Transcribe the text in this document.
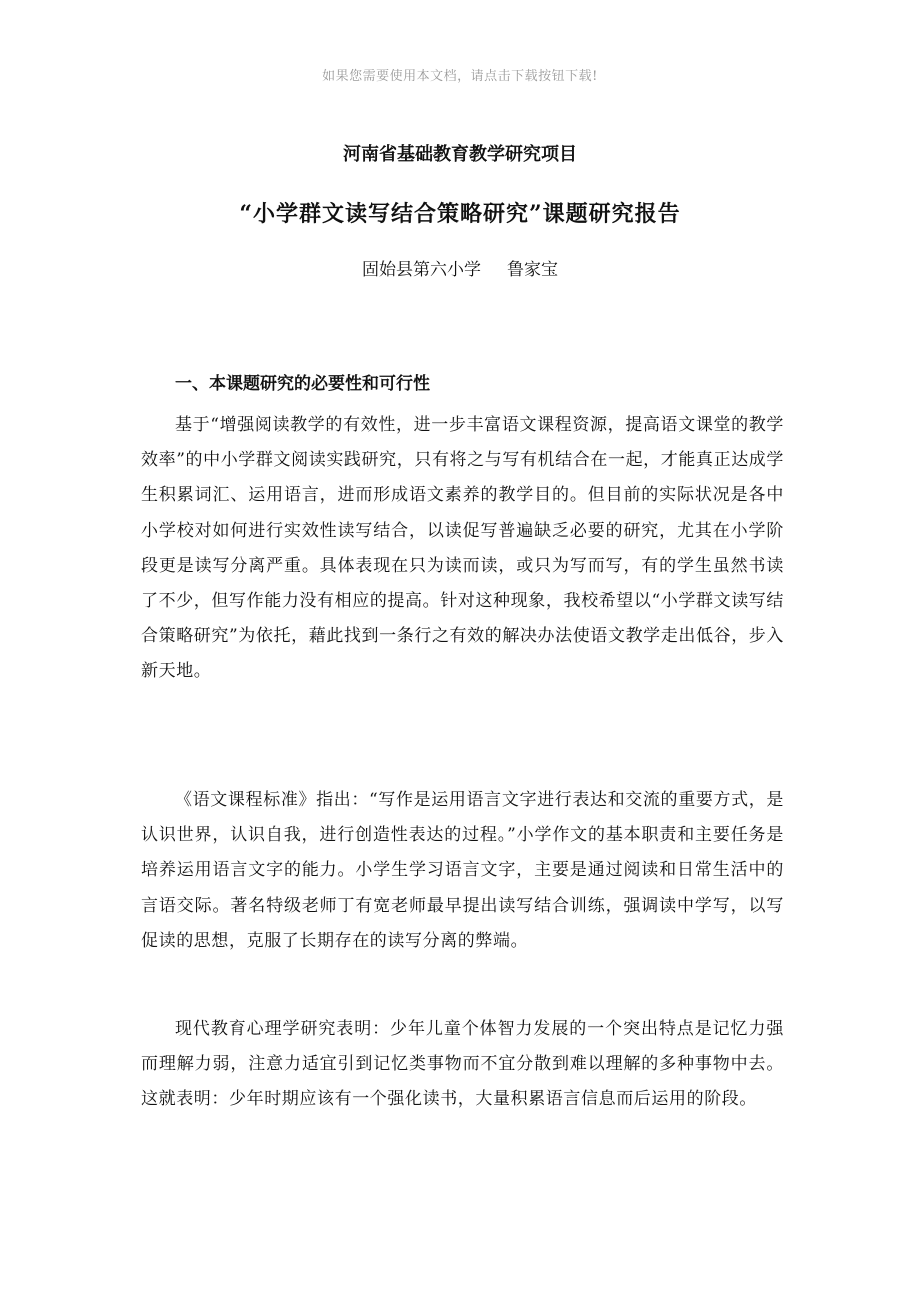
如果您需要使用本文档，请点击下载按钮下载!
河南省基础教育教学研究项目
“小学群文读写结合策略研究”课题研究报告
固始县第六小学 鲁家宝
一、本课题研究的必要性和可行性

基于“增强阅读教学的有效性，进一步丰富语文课程资源，提高语文课堂的教学效率”的中小学群文阅读实践研究，只有将之与写有机结合在一起，才能真正达成学生积累词汇、运用语言，进而形成语文素养的教学目的。但目前的实际状况是各中小学校对如何进行实效性读写结合，以读促写普遍缺乏必要的研究，尤其在小学阶段更是读写分离严重。具体表现在只为读而读，或只为写而写，有的学生虽然书读了不少，但写作能力没有相应的提高。针对这种现象，我校希望以“小学群文读写结合策略研究”为依托，藉此找到一条行之有效的解决办法使语文教学走出低谷，步入新天地。

《语文课程标准》指出：“写作是运用语言文字进行表达和交流的重要方式，是认识世界，认识自我，进行创造性表达的过程。”小学作文的基本职责和主要任务是培养运用语言文字的能力。小学生学习语言文字，主要是通过阅读和日常生活中的言语交际。著名特级老师丁有宽老师最早提出读写结合训练，强调读中学写，以写促读的思想，克服了长期存在的读写分离的弊端。

现代教育心理学研究表明：少年儿童个体智力发展的一个突出特点是记忆力强而理解力弱，注意力适宜引到记忆类事物而不宜分散到难以理解的多种事物中去。这就表明：少年时期应该有一个强化读书，大量积累语言信息而后运用的阶段。
